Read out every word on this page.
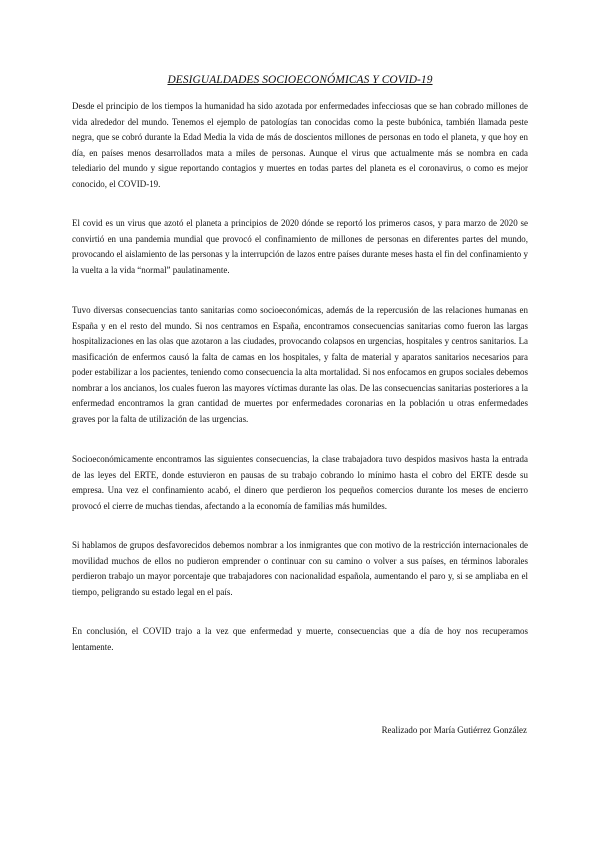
DESIGUALDADES SOCIOECONÓMICAS Y COVID-19

Desde el principio de los tiempos la humanidad ha sido azotada por enfermedades infecciosas que se han cobrado millones de vida alrededor del mundo. Tenemos el ejemplo de patologías tan conocidas como la peste bubónica, también llamada peste negra, que se cobró durante la Edad Media la vida de más de doscientos millones de personas en todo el planeta, y que hoy en día, en países menos desarrollados mata a miles de personas. Aunque el virus que actualmente más se nombra en cada telediario del mundo y sigue reportando contagios y muertes en todas partes del planeta es el coronavirus, o como es mejor conocido, el COVID-19.

El covid es un virus que azotó el planeta a principios de 2020 dónde se reportó los primeros casos, y para marzo de 2020 se convirtió en una pandemia mundial que provocó el confinamiento de millones de personas en diferentes partes del mundo, provocando el aislamiento de las personas y la interrupción de lazos entre países durante meses hasta el fin del confinamiento y la vuelta a la vida “normal” paulatinamente.

Tuvo diversas consecuencias tanto sanitarias como socioeconómicas, además de la repercusión de las relaciones humanas en España y en el resto del mundo. Si nos centramos en España, encontramos consecuencias sanitarias como fueron las largas hospitalizaciones en las olas que azotaron a las ciudades, provocando colapsos en urgencias, hospitales y centros sanitarios. La masificación de enfermos causó la falta de camas en los hospitales, y falta de material y aparatos sanitarios necesarios para poder estabilizar a los pacientes, teniendo como consecuencia la alta mortalidad. Si nos enfocamos en grupos sociales debemos nombrar a los ancianos, los cuales fueron las mayores víctimas durante las olas. De las consecuencias sanitarias posteriores a la enfermedad encontramos la gran cantidad de muertes por enfermedades coronarias en la población u otras enfermedades graves por la falta de utilización de las urgencias.

Socioeconómicamente encontramos las siguientes consecuencias, la clase trabajadora tuvo despidos masivos hasta la entrada de las leyes del ERTE, donde estuvieron en pausas de su trabajo cobrando lo mínimo hasta el cobro del ERTE desde su empresa. Una vez el confinamiento acabó, el dinero que perdieron los pequeños comercios durante los meses de encierro provocó el cierre de muchas tiendas, afectando a la economía de familias más humildes.

Si hablamos de grupos desfavorecidos debemos nombrar a los inmigrantes que con motivo de la restricción internacionales de movilidad muchos de ellos no pudieron emprender o continuar con su camino o volver a sus países, en términos laborales perdieron trabajo un mayor porcentaje que trabajadores con nacionalidad española, aumentando el paro y, si se ampliaba en el tiempo, peligrando su estado legal en el país.

En conclusión, el COVID trajo a la vez que enfermedad y muerte, consecuencias que a día de hoy nos recuperamos lentamente.

Realizado por María Gutiérrez González
